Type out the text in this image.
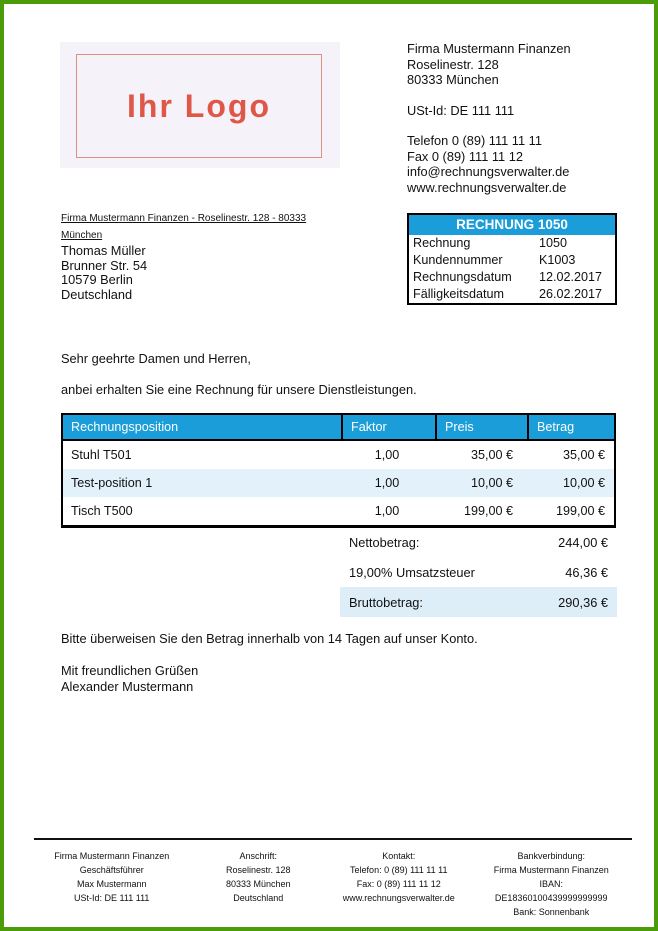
Ihr Logo
Firma Mustermann Finanzen
Roselinestr. 128
80333 München
USt-Id: DE 111 111
Telefon 0 (89) 111 11 11
Fax 0 (89) 111 11 12
info@rechnungsverwalter.de
www.rechnungsverwalter.de
Firma Mustermann Finanzen - Roselinestr. 128 - 80333 München
Thomas Müller
Brunner Str. 54
10579 Berlin
Deutschland
RECHNUNG 1050
Rechnung	1050
Kundennummer	K1003
Rechnungsdatum	12.02.2017
Fälligkeitsdatum	26.02.2017
Sehr geehrte Damen und Herren,
anbei erhalten Sie eine Rechnung für unsere Dienstleistungen.
Rechnungsposition	Faktor	Preis	Betrag
Stuhl T501	1,00	35,00 €	35,00 €
Test-position 1	1,00	10,00 €	10,00 €
Tisch T500	1,00	199,00 €	199,00 €
Nettobetrag:	244,00 €
19,00% Umsatzsteuer	46,36 €
Bruttobetrag:	290,36 €
Bitte überweisen Sie den Betrag innerhalb von 14 Tagen auf unser Konto.
Mit freundlichen Grüßen
Alexander Mustermann
Firma Mustermann Finanzen
Geschäftsführer
Max Mustermann
USt-Id: DE 111 111
Anschrift:
Roselinestr. 128
80333 München
Deutschland
Kontakt:
Telefon: 0 (89) 111 11 11
Fax: 0 (89) 111 11 12
www.rechnungsverwalter.de
Bankverbindung:
Firma Mustermann Finanzen
IBAN:
DE18360100439999999999
Bank: Sonnenbank
